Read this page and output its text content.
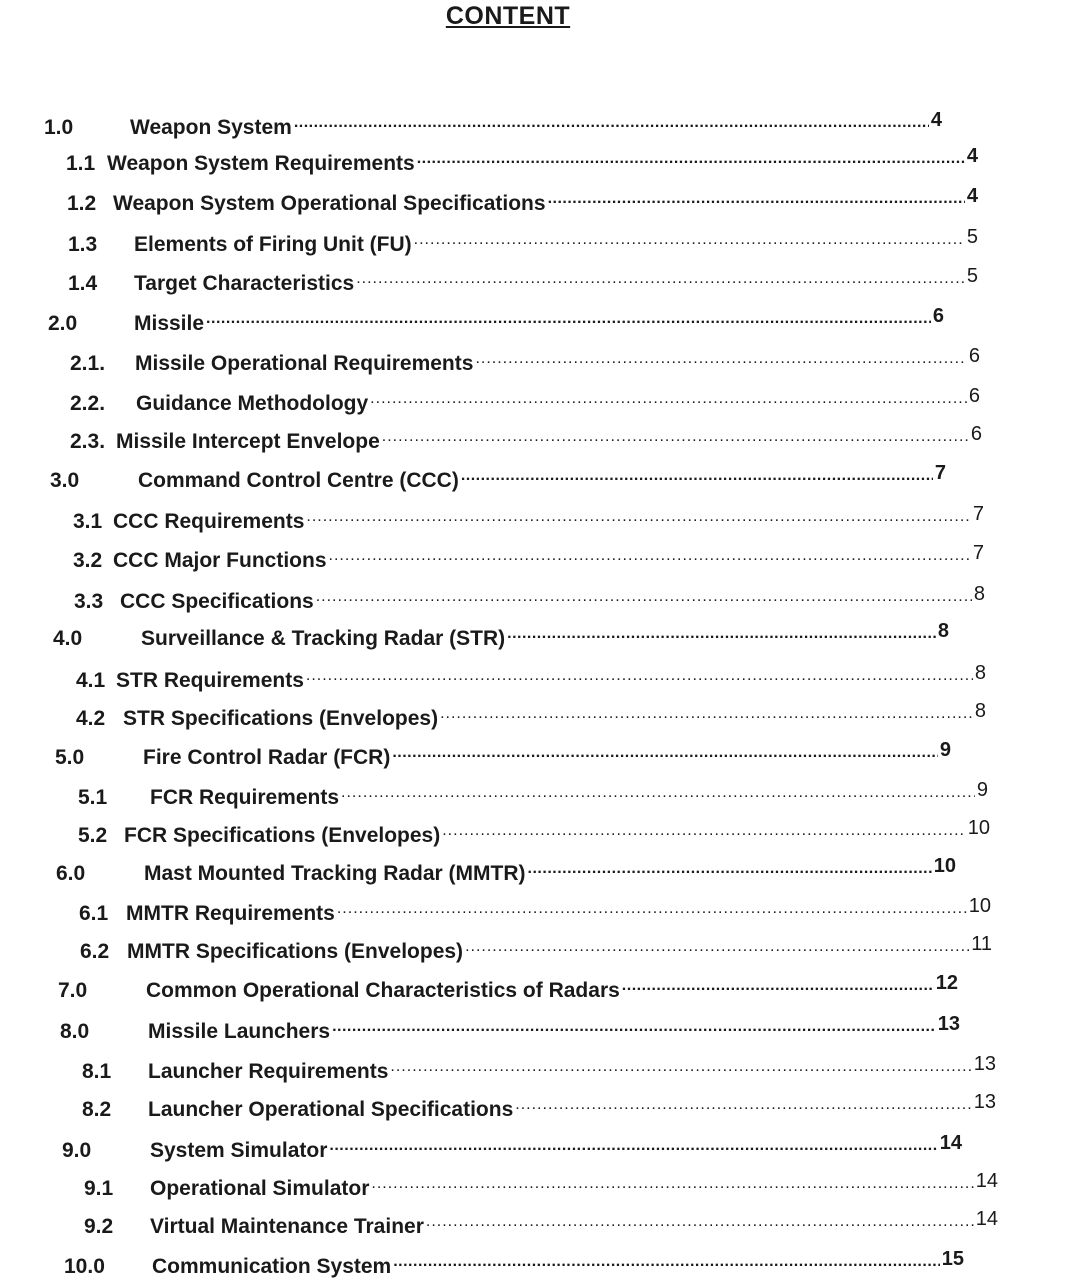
CONTENT
1.0	Weapon System .....	4
1.1 Weapon System Requirements .....	4
1.2 Weapon System Operational Specifications .....	4
1.3	Elements of Firing Unit (FU) .....	5
1.4	Target Characteristics .....	5
2.0	Missile .....	6
2.1.	Missile Operational Requirements .....	6
2.2.	Guidance Methodology .....	6
2.3. Missile Intercept Envelope .....	6
3.0	Command Control Centre (CCC) .....	7
3.1 CCC Requirements .....	7
3.2 CCC Major Functions .....	7
3.3 CCC Specifications .....	8
4.0	Surveillance & Tracking Radar (STR) .....	8
4.1 STR Requirements .....	8
4.2 STR Specifications (Envelopes) .....	8
5.0	Fire Control Radar (FCR) .....	9
5.1	FCR Requirements .....	9
5.2 FCR Specifications (Envelopes) .....	10
6.0	Mast Mounted Tracking Radar (MMTR) .....	10
6.1 MMTR Requirements .....	10
6.2 MMTR Specifications (Envelopes) .....	11
7.0	Common Operational Characteristics of Radars .....	12
8.0	Missile Launchers .....	13
8.1	Launcher Requirements .....	13
8.2	Launcher Operational Specifications .....	13
9.0	System Simulator .....	14
9.1	Operational Simulator .....	14
9.2	Virtual Maintenance Trainer .....	14
10.0	Communication System .....	15
